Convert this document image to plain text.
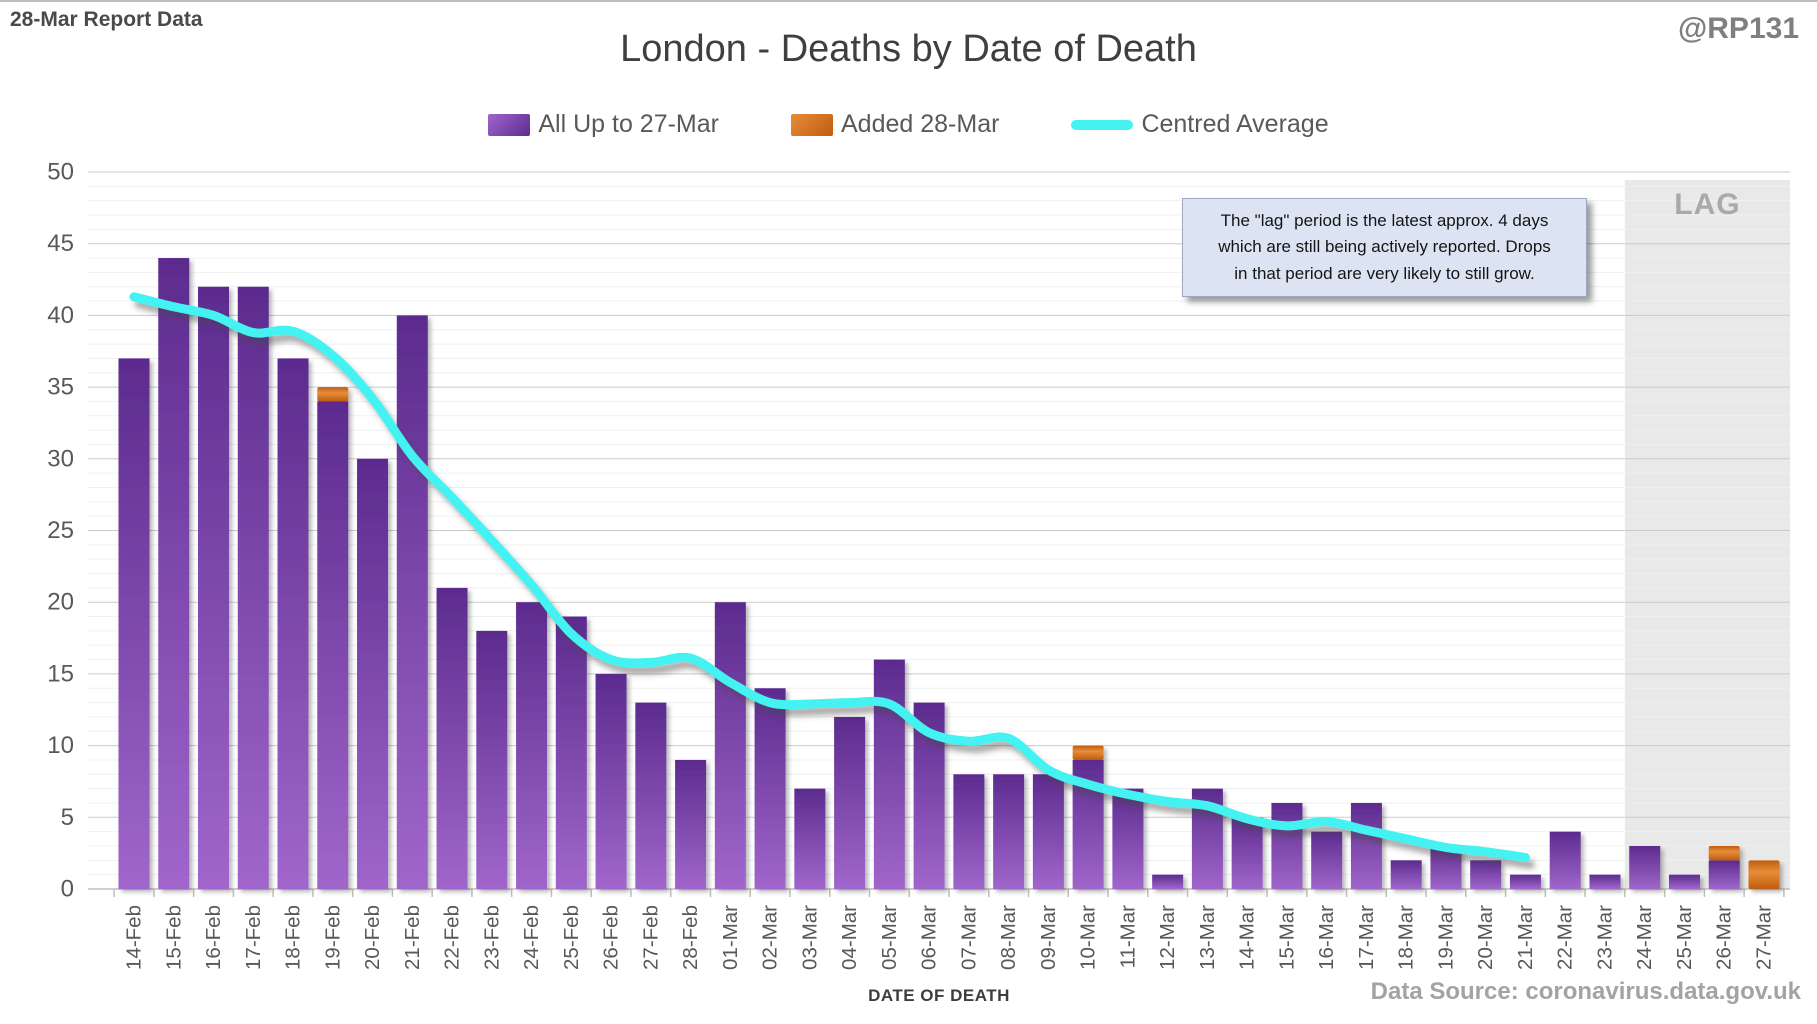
28-Mar Report Data	@RP131
London - Deaths by Date of Death
All Up to 27-Mar	Added 28-Mar	Centred Average
0
5
10
15
20
25
30
35
40
45
50
14-Feb 15-Feb 16-Feb 17-Feb 18-Feb 19-Feb 20-Feb 21-Feb 22-Feb 23-Feb 24-Feb 25-Feb 26-Feb 27-Feb 28-Feb 01-Mar 02-Mar 03-Mar 04-Mar 05-Mar 06-Mar 07-Mar 08-Mar 09-Mar 10-Mar 11-Mar 12-Mar 13-Mar 14-Mar 15-Mar 16-Mar 17-Mar 18-Mar 19-Mar 20-Mar 21-Mar 22-Mar 23-Mar 24-Mar 25-Mar 26-Mar 27-Mar
The "lag" period is the latest approx. 4 days
which are still being actively reported. Drops
in that period are very likely to still grow.
LAG
DATE OF DEATH	Data Source: coronavirus.data.gov.uk
